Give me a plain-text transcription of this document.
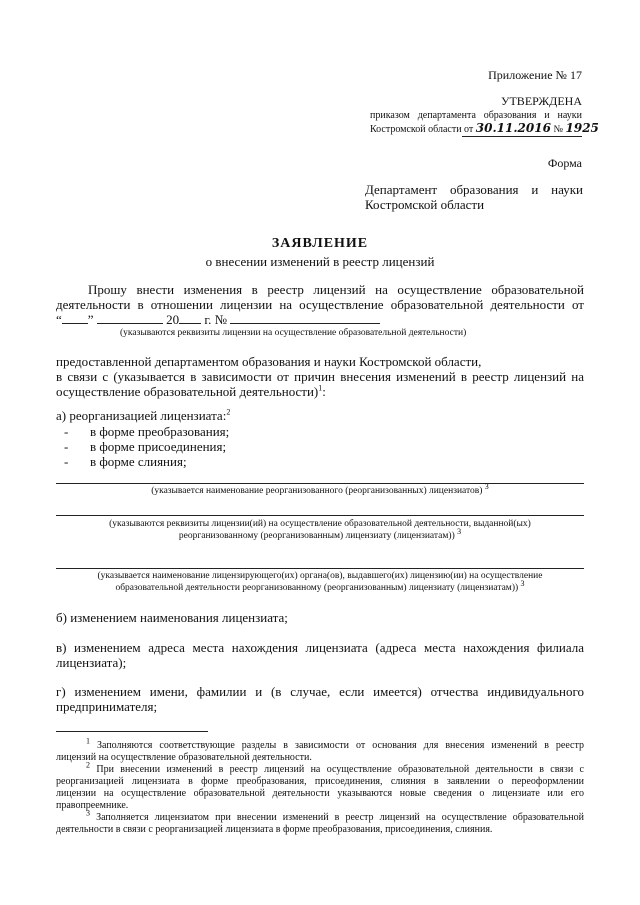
Приложение № 17
УТВЕРЖДЕНА
приказом департамента образования и науки
Костромской области от 30.11.2016 № 1925
Форма
Департамент образования и науки
Костромской области
ЗАЯВЛЕНИЕ
о внесении изменений в реестр лицензий
Прошу внести изменения в реестр лицензий на осуществление образовательной
деятельности в отношении лицензии на осуществление образовательной деятельности от
“ ”	20 г. №
(указываются реквизиты лицензии на осуществление образовательной деятельности)
предоставленной департаментом образования и науки Костромской области,
в связи с (указывается в зависимости от причин внесения изменений в реестр лицензий на
осуществление образовательной деятельности)$^1$:
а) реорганизацией лицензиата:$^2$
- в форме преобразования;
- в форме присоединения;
- в форме слияния;
(указывается наименование реорганизованного (реорганизованных) лицензиатов) $^3$
(указываются реквизиты лицензии(ий) на осуществление образовательной деятельности, выданной(ых)
реорганизованному (реорганизованным) лицензиату (лицензиатам)) $^3$
(указывается наименование лицензирующего(их) органа(ов), выдавшего(их) лицензию(ии) на осуществление
образовательной деятельности реорганизованному (реорганизованным) лицензиату (лицензиатам)) $^3$
б) изменением наименования лицензиата;
в) изменением адреса места нахождения лицензиата (адреса места нахождения филиала
лицензиата);
г) изменением имени, фамилии и (в случае, если имеется) отчества индивидуального
предпринимателя;
$^1$ Заполняются соответствующие разделы в зависимости от основания для внесения изменений в реестр
лицензий на осуществление образовательной деятельности.
$^2$ При внесении изменений в реестр лицензий на осуществление образовательной деятельности в связи с
реорганизацией лицензиата в форме преобразования, присоединения, слияния в заявлении о переоформлении
лицензии на осуществление образовательной деятельности указываются новые сведения о лицензиате или его
правопреемнике.
$^3$ Заполняется лицензиатом при внесении изменений в реестр лицензий на осуществление образовательной
деятельности в связи с реорганизацией лицензиата в форме преобразования, присоединения, слияния.
